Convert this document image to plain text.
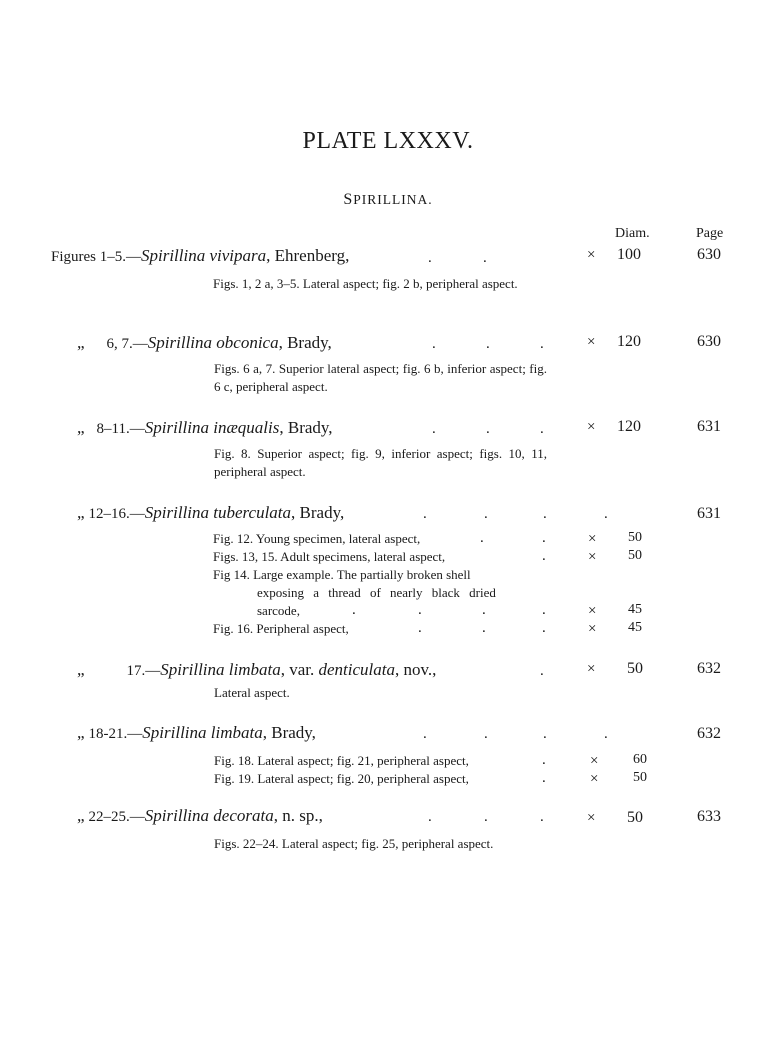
PLATE LXXXV.
SPIRILLINA.
Diam.	Page
Figures 1–5.—Spirillina vivipara, Ehrenberg,	.	.	× 100	630
Figs. 1, 2 a, 3–5. Lateral aspect; fig. 2 b, peripheral aspect.
„ 6, 7.—Spirillina obconica, Brady,	.	.	.	× 120	630
Figs. 6 a, 7. Superior lateral aspect; fig. 6 b, inferior aspect; fig. 6 c, peripheral aspect.
„ 8–11.—Spirillina inæqualis, Brady,	.	.	.	× 120	631
Fig. 8. Superior aspect; fig. 9, inferior aspect; figs. 10, 11, peripheral aspect.
„ 12–16.—Spirillina tuberculata, Brady,	.	.	.	.	631
Fig. 12. Young specimen, lateral aspect,	.	.	× 50
Figs. 13, 15. Adult specimens, lateral aspect,	.	× 50
Fig 14. Large example. The partially broken shell
exposing a thread of nearly black dried
sarcode,	.	.	.	.	× 45
Fig. 16. Peripheral aspect,	.	.	.	× 45
„	17.—Spirillina limbata, var. denticulata, nov.,	.	× 50	632
Lateral aspect.
„ 18-21.—Spirillina limbata, Brady,	.	.	.	.	632
Fig. 18. Lateral aspect; fig. 21, peripheral aspect,	.	× 60
Fig. 19. Lateral aspect; fig. 20, peripheral aspect,	.	× 50
„ 22–25.—Spirillina decorata, n. sp.,	.	.	.	× 50	633
Figs. 22–24. Lateral aspect; fig. 25, peripheral aspect.
